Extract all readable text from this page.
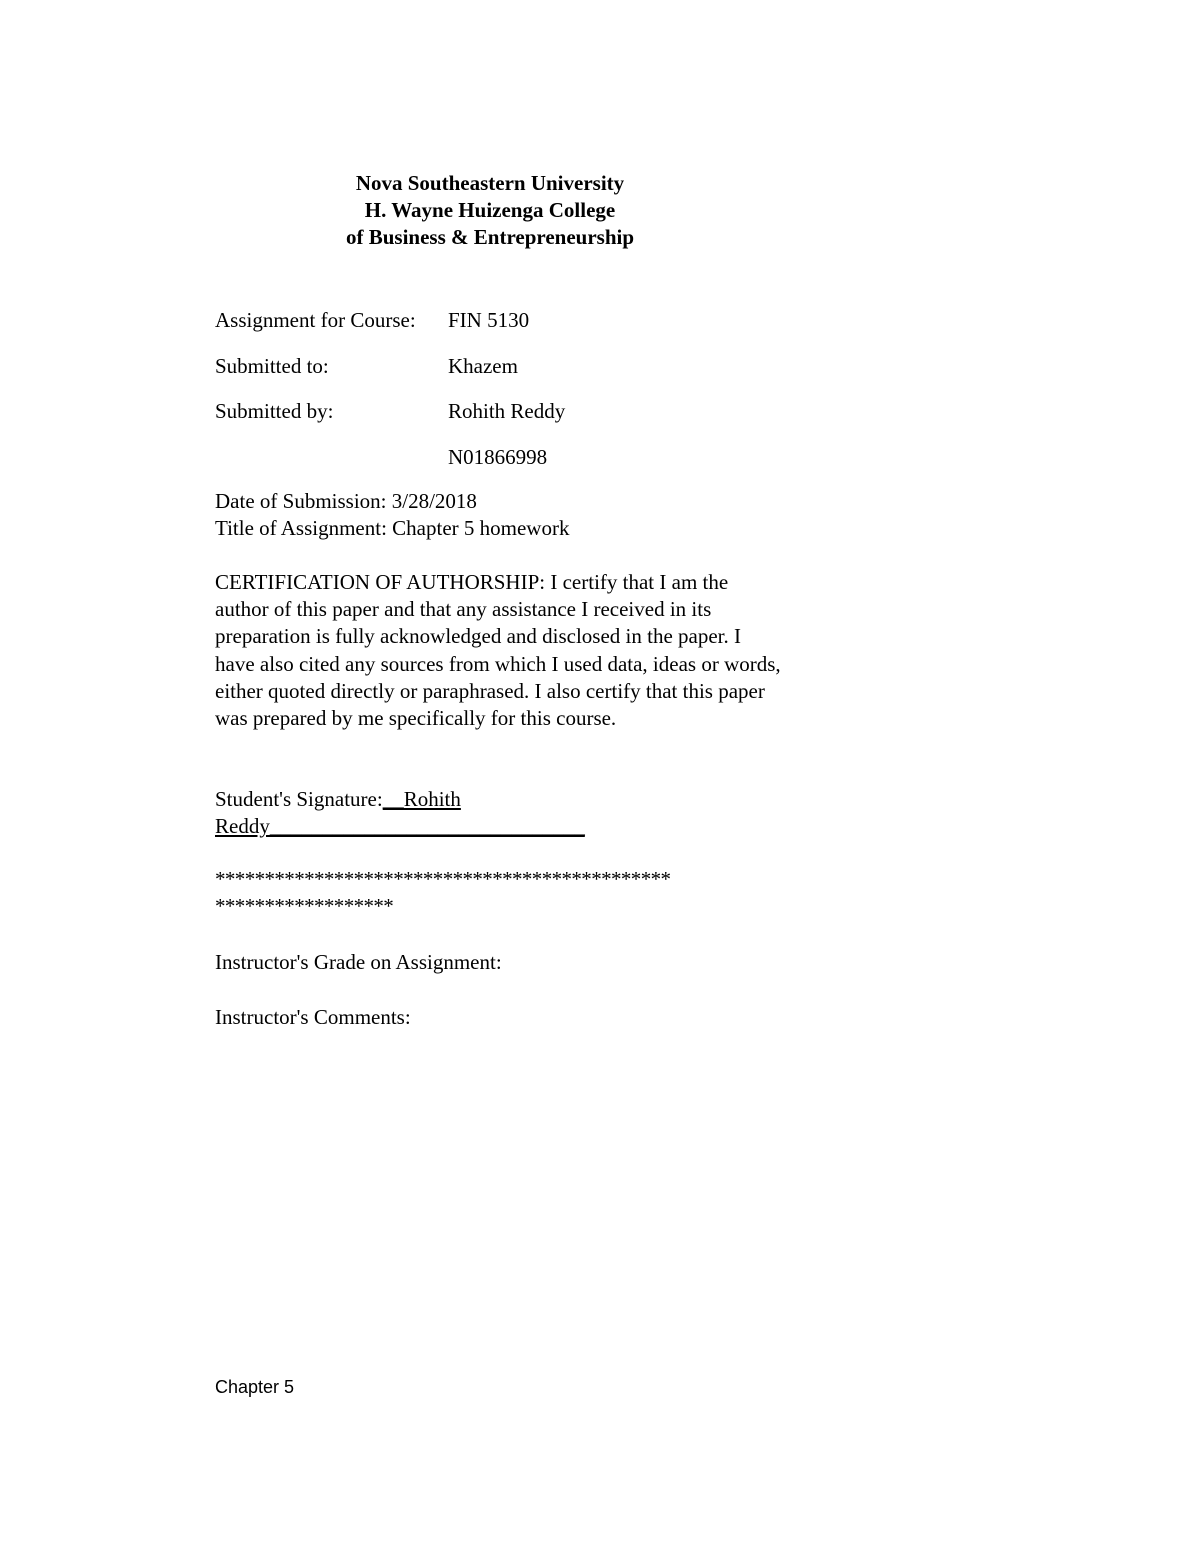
Nova Southeastern University
H. Wayne Huizenga College
of Business & Entrepreneurship
Assignment for Course: FIN 5130
Submitted to:	Khazem
Submitted by:	Rohith Reddy
N01866998
Date of Submission: 3/28/2018
Title of Assignment: Chapter 5 homework
CERTIFICATION OF AUTHORSHIP: I certify that I am the author of this paper and that any assistance I received in its preparation is fully acknowledged and disclosed in the paper. I have also cited any sources from which I used data, ideas or words, either quoted directly or paraphrased. I also certify that this paper was prepared by me specifically for this course.
Student's Signature:__Rohith
Reddy______________________________
**********************************************
******************
Instructor's Grade on Assignment:
Instructor's Comments:
Chapter 5
